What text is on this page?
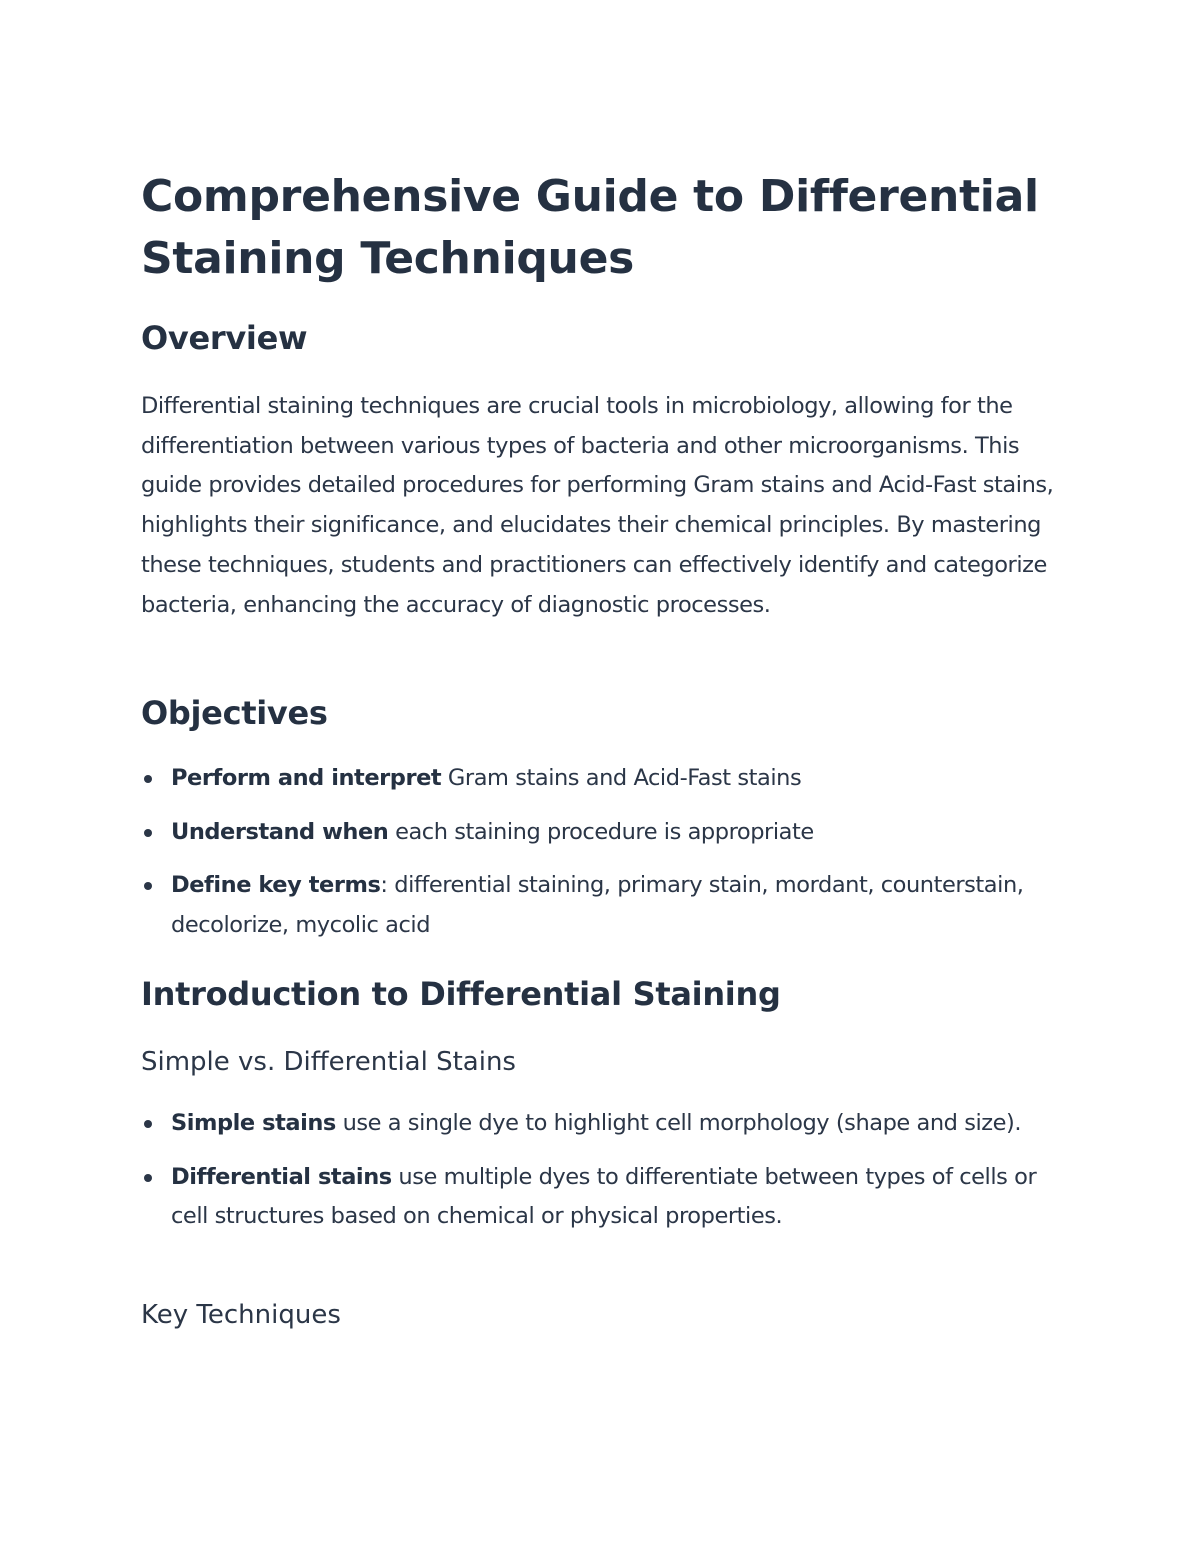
Comprehensive Guide to Differential Staining Techniques
Overview

Differential staining techniques are crucial tools in microbiology, allowing for the differentiation between various types of bacteria and other microorganisms. This guide provides detailed procedures for performing Gram stains and Acid-Fast stains, highlights their significance, and elucidates their chemical principles. By mastering these techniques, students and practitioners can effectively identify and categorize bacteria, enhancing the accuracy of diagnostic processes.

Objectives
Perform and interpret Gram stains and Acid-Fast stains
Understand when each staining procedure is appropriate
Define key terms: differential staining, primary stain, mordant, counterstain, decolorize, mycolic acid
Introduction to Differential Staining
Simple vs. Differential Stains
Simple stains use a single dye to highlight cell morphology (shape and size).
Differential stains use multiple dyes to differentiate between types of cells or cell structures based on chemical or physical properties.
Key Techniques
